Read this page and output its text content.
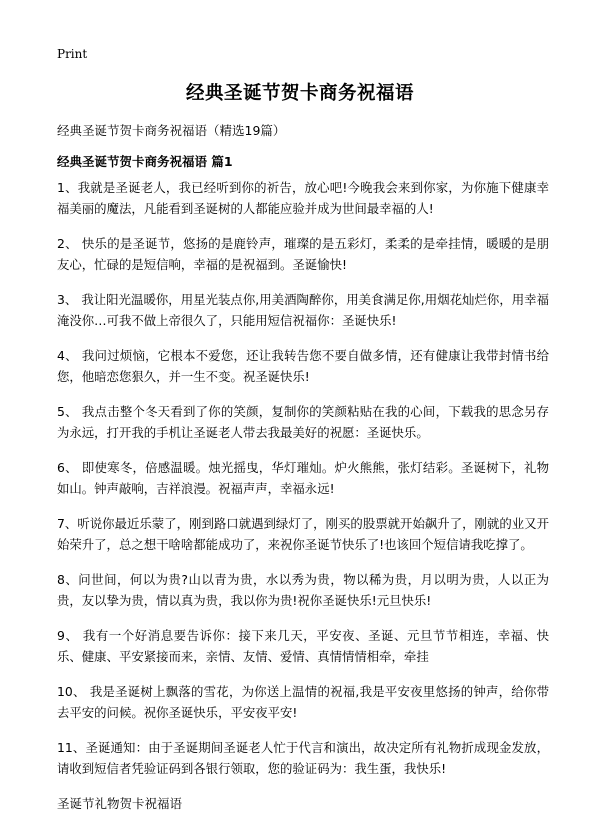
Print
经典圣诞节贺卡商务祝福语
经典圣诞节贺卡商务祝福语（精选19篇）
经典圣诞节贺卡商务祝福语 篇1

1、我就是圣诞老人，我已经听到你的祈告，放心吧!今晚我会来到你家，为你施下健康幸福美丽的魔法，凡能看到圣诞树的人都能应验并成为世间最幸福的人!

2、 快乐的是圣诞节，悠扬的是鹿铃声，璀璨的是五彩灯，柔柔的是牵挂情，暖暖的是朋友心，忙碌的是短信响，幸福的是祝福到。圣诞愉快!

3、 我让阳光温暖你，用星光装点你,用美酒陶醉你，用美食满足你,用烟花灿烂你，用幸福淹没你…可我不做上帝很久了，只能用短信祝福你：圣诞快乐!

4、 我问过烦恼，它根本不爱您，还让我转告您不要自做多情，还有健康让我带封情书给您，他暗恋您狠久，并一生不变。祝圣诞快乐!

5、 我点击整个冬天看到了你的笑颜，复制你的笑颜粘贴在我的心间，下载我的思念另存为永远，打开我的手机让圣诞老人带去我最美好的祝愿：圣诞快乐。

6、 即使寒冬，倍感温暖。烛光摇曳，华灯璀灿。炉火熊熊，张灯结彩。圣诞树下，礼物如山。钟声敲响，吉祥浪漫。祝福声声，幸福永远!

7、听说你最近乐蒙了，刚到路口就遇到绿灯了，刚买的股票就开始飙升了，刚就的业又开始荣升了，总之想干啥啥都能成功了，来祝你圣诞节快乐了!也该回个短信请我吃撑了。

8、问世间，何以为贵?山以青为贵，水以秀为贵，物以稀为贵，月以明为贵，人以正为贵，友以挚为贵，情以真为贵，我以你为贵!祝你圣诞快乐!元旦快乐!

9、 我有一个好消息要告诉你：接下来几天，平安夜、圣诞、元旦节节相连，幸福、快乐、健康、平安紧接而来，亲情、友情、爱情、真情情情相牵，牵挂

10、 我是圣诞树上飘落的雪花，为你送上温情的祝福,我是平安夜里悠扬的钟声，给你带去平安的问候。祝你圣诞快乐，平安夜平安!

11、圣诞通知：由于圣诞期间圣诞老人忙于代言和演出，故决定所有礼物折成现金发放，请收到短信者凭验证码到各银行领取，您的验证码为：我生蛋，我快乐!

圣诞节礼物贺卡祝福语
